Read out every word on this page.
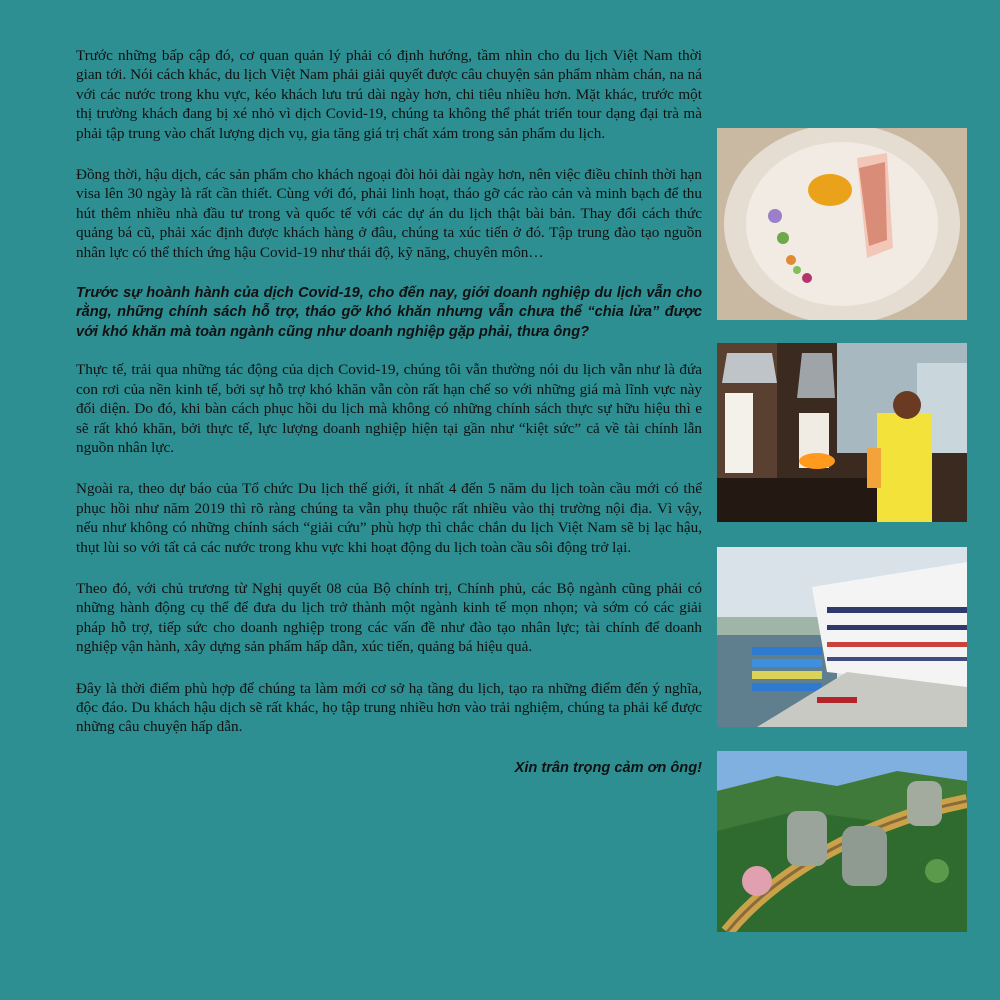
Trước những bấp cập đó, cơ quan quản lý phải có định hướng, tầm nhìn cho du lịch Việt Nam thời gian tới. Nói cách khác, du lịch Việt Nam phải giải quyết được câu chuyện sản phẩm nhàm chán, na ná với các nước trong khu vực, kéo khách lưu trú dài ngày hơn, chi tiêu nhiều hơn. Mặt khác, trước một thị trường khách đang bị xé nhỏ vì dịch Covid-19, chúng ta không thể phát triển tour dạng đại trà mà phải tập trung vào chất lượng dịch vụ, gia tăng giá trị chất xám trong sản phẩm du lịch.

Đồng thời, hậu dịch, các sản phẩm cho khách ngoại đòi hỏi dài ngày hơn, nên việc điều chỉnh thời hạn visa lên 30 ngày là rất cần thiết. Cùng với đó, phải linh hoạt, tháo gỡ các rào cản và minh bạch để thu hút thêm nhiều nhà đầu tư trong và quốc tế với các dự án du lịch thật bài bản. Thay đổi cách thức quảng bá cũ, phải xác định được khách hàng ở đâu, chúng ta xúc tiến ở đó. Tập trung đào tạo nguồn nhân lực có thể thích ứng hậu Covid-19 như thái độ, kỹ năng, chuyên môn…

Trước sự hoành hành của dịch Covid-19, cho đến nay, giới doanh nghiệp du lịch vẫn cho rằng, những chính sách hỗ trợ, tháo gỡ khó khăn nhưng vẫn chưa thể “chia lửa” được với khó khăn mà toàn ngành cũng như doanh nghiệp gặp phải, thưa ông?

Thực tế, trải qua những tác động của dịch Covid-19, chúng tôi vẫn thường nói du lịch vẫn như là đứa con rơi của nền kinh tế, bởi sự hỗ trợ khó khăn vẫn còn rất hạn chế so với những giá mà lĩnh vực này đối diện. Do đó, khi bàn cách phục hồi du lịch mà không có những chính sách thực sự hữu hiệu thì e sẽ rất khó khăn, bởi thực tế, lực lượng doanh nghiệp hiện tại gần như “kiệt sức” cả về tài chính lẫn nguồn nhân lực.

Ngoài ra, theo dự báo của Tổ chức Du lịch thế giới, ít nhất 4 đến 5 năm du lịch toàn cầu mới có thể phục hồi như năm 2019 thì rõ ràng chúng ta vẫn phụ thuộc rất nhiều vào thị trường nội địa. Vì vậy, nếu như không có những chính sách “giải cứu” phù hợp thì chắc chắn du lịch Việt Nam sẽ bị lạc hậu, thụt lùi so với tất cả các nước trong khu vực khi hoạt động du lịch toàn cầu sôi động trở lại.

Theo đó, với chủ trương từ Nghị quyết 08 của Bộ chính trị, Chính phủ, các Bộ ngành cũng phải có những hành động cụ thể để đưa du lịch trở thành một ngành kinh tế mọn nhọn; và sớm có các giải pháp hỗ trợ, tiếp sức cho doanh nghiệp trong các vấn đề như đào tạo nhân lực; tài chính để doanh nghiệp vận hành, xây dựng sản phẩm hấp dẫn, xúc tiến, quảng bá hiệu quả.

Đây là thời điểm phù hợp để chúng ta làm mới cơ sở hạ tầng du lịch, tạo ra những điểm đến ý nghĩa, độc đáo. Du khách hậu dịch sẽ rất khác, họ tập trung nhiều hơn vào trải nghiệm, chúng ta phải kể được những câu chuyện hấp dẫn.

Xin trân trọng cảm ơn ông!
